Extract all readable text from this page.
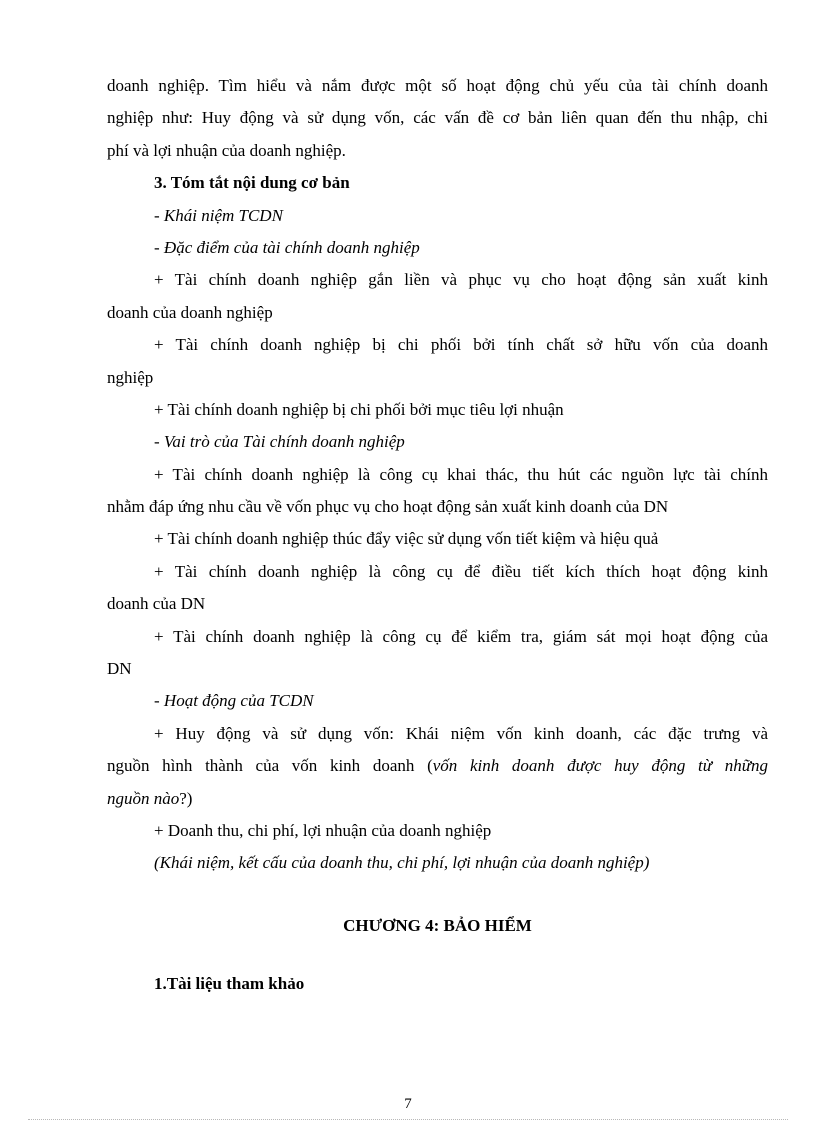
doanh nghiệp. Tìm hiểu và nắm được một số hoạt động chủ yếu của tài chính doanh
nghiệp như: Huy động và sử dụng vốn, các vấn đề cơ bản liên quan đến thu nhập, chi
phí và lợi nhuận của doanh nghiệp.
3. Tóm tắt nội dung cơ bản
- Khái niệm TCDN
- Đặc điểm của tài chính doanh nghiệp
+ Tài chính doanh nghiệp gắn liền và phục vụ cho hoạt động sản xuất kinh
doanh của doanh nghiệp
+ Tài chính doanh nghiệp bị chi phối bởi tính chất sở hữu vốn của doanh
nghiệp
+ Tài chính doanh nghiệp bị chi phối bởi mục tiêu lợi nhuận
- Vai trò của Tài chính doanh nghiệp
+ Tài chính doanh nghiệp là công cụ khai thác, thu hút các nguồn lực tài chính
nhằm đáp ứng nhu cầu về vốn phục vụ cho hoạt động sản xuất kinh doanh của DN
+ Tài chính doanh nghiệp thúc đẩy việc sử dụng vốn tiết kiệm và hiệu quả
+ Tài chính doanh nghiệp là công cụ để điều tiết kích thích hoạt động kinh
doanh của DN
+ Tài chính doanh nghiệp là công cụ để kiểm tra, giám sát mọi hoạt động của
DN
- Hoạt động của TCDN
+ Huy động và sử dụng vốn: Khái niệm vốn kinh doanh, các đặc trưng và
nguồn hình thành của vốn kinh doanh (vốn kinh doanh được huy động từ những
nguồn nào?)
+ Doanh thu, chi phí, lợi nhuận của doanh nghiệp
(Khái niệm, kết cấu của doanh thu, chi phí, lợi nhuận của doanh nghiệp)
CHƯƠNG 4: BẢO HIỂM
1.Tài liệu tham khảo
7
